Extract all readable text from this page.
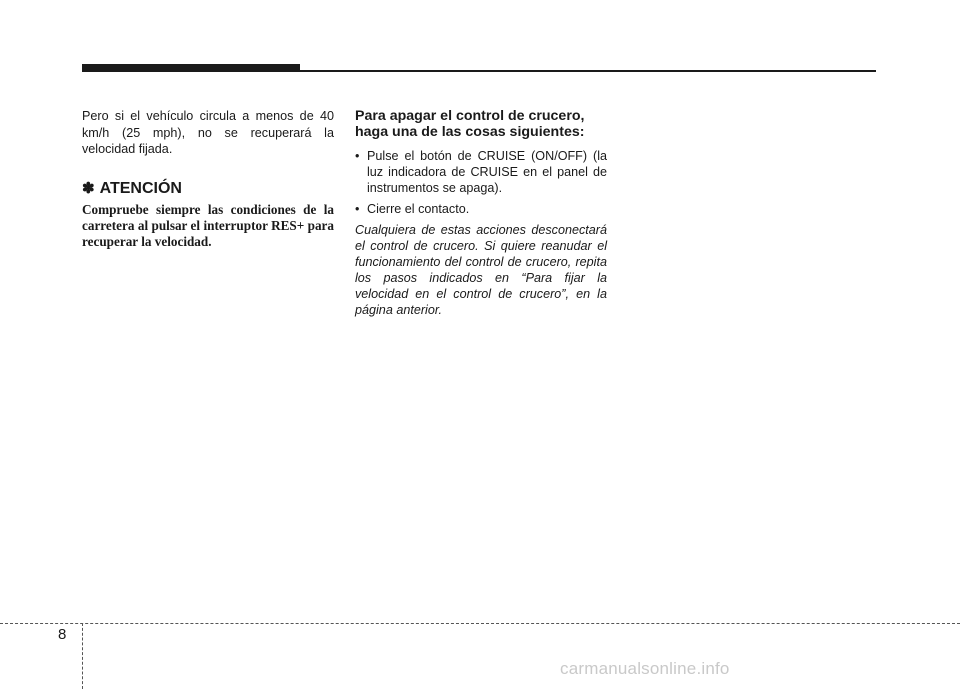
Pero si el vehículo circula a menos de 40 km/h (25 mph), no se recuperará la velocidad fijada.

✽ ATENCIÓN

Compruebe siempre las condiciones de la carretera al pulsar el interruptor RES+ para recuperar la velocidad.

Para apagar el control de crucero, haga una de las cosas siguientes:
• Pulse el botón de CRUISE (ON/OFF) (la luz indicadora de CRUISE en el panel de instrumentos se apaga).
• Cierre el contacto.

Cualquiera de estas acciones desconectará el control de crucero. Si quiere reanudar el funcionamiento del control de crucero, repita los pasos indicados en “Para fijar la velocidad en el control de crucero”, en la página anterior.

8
carmanualsonline.info
